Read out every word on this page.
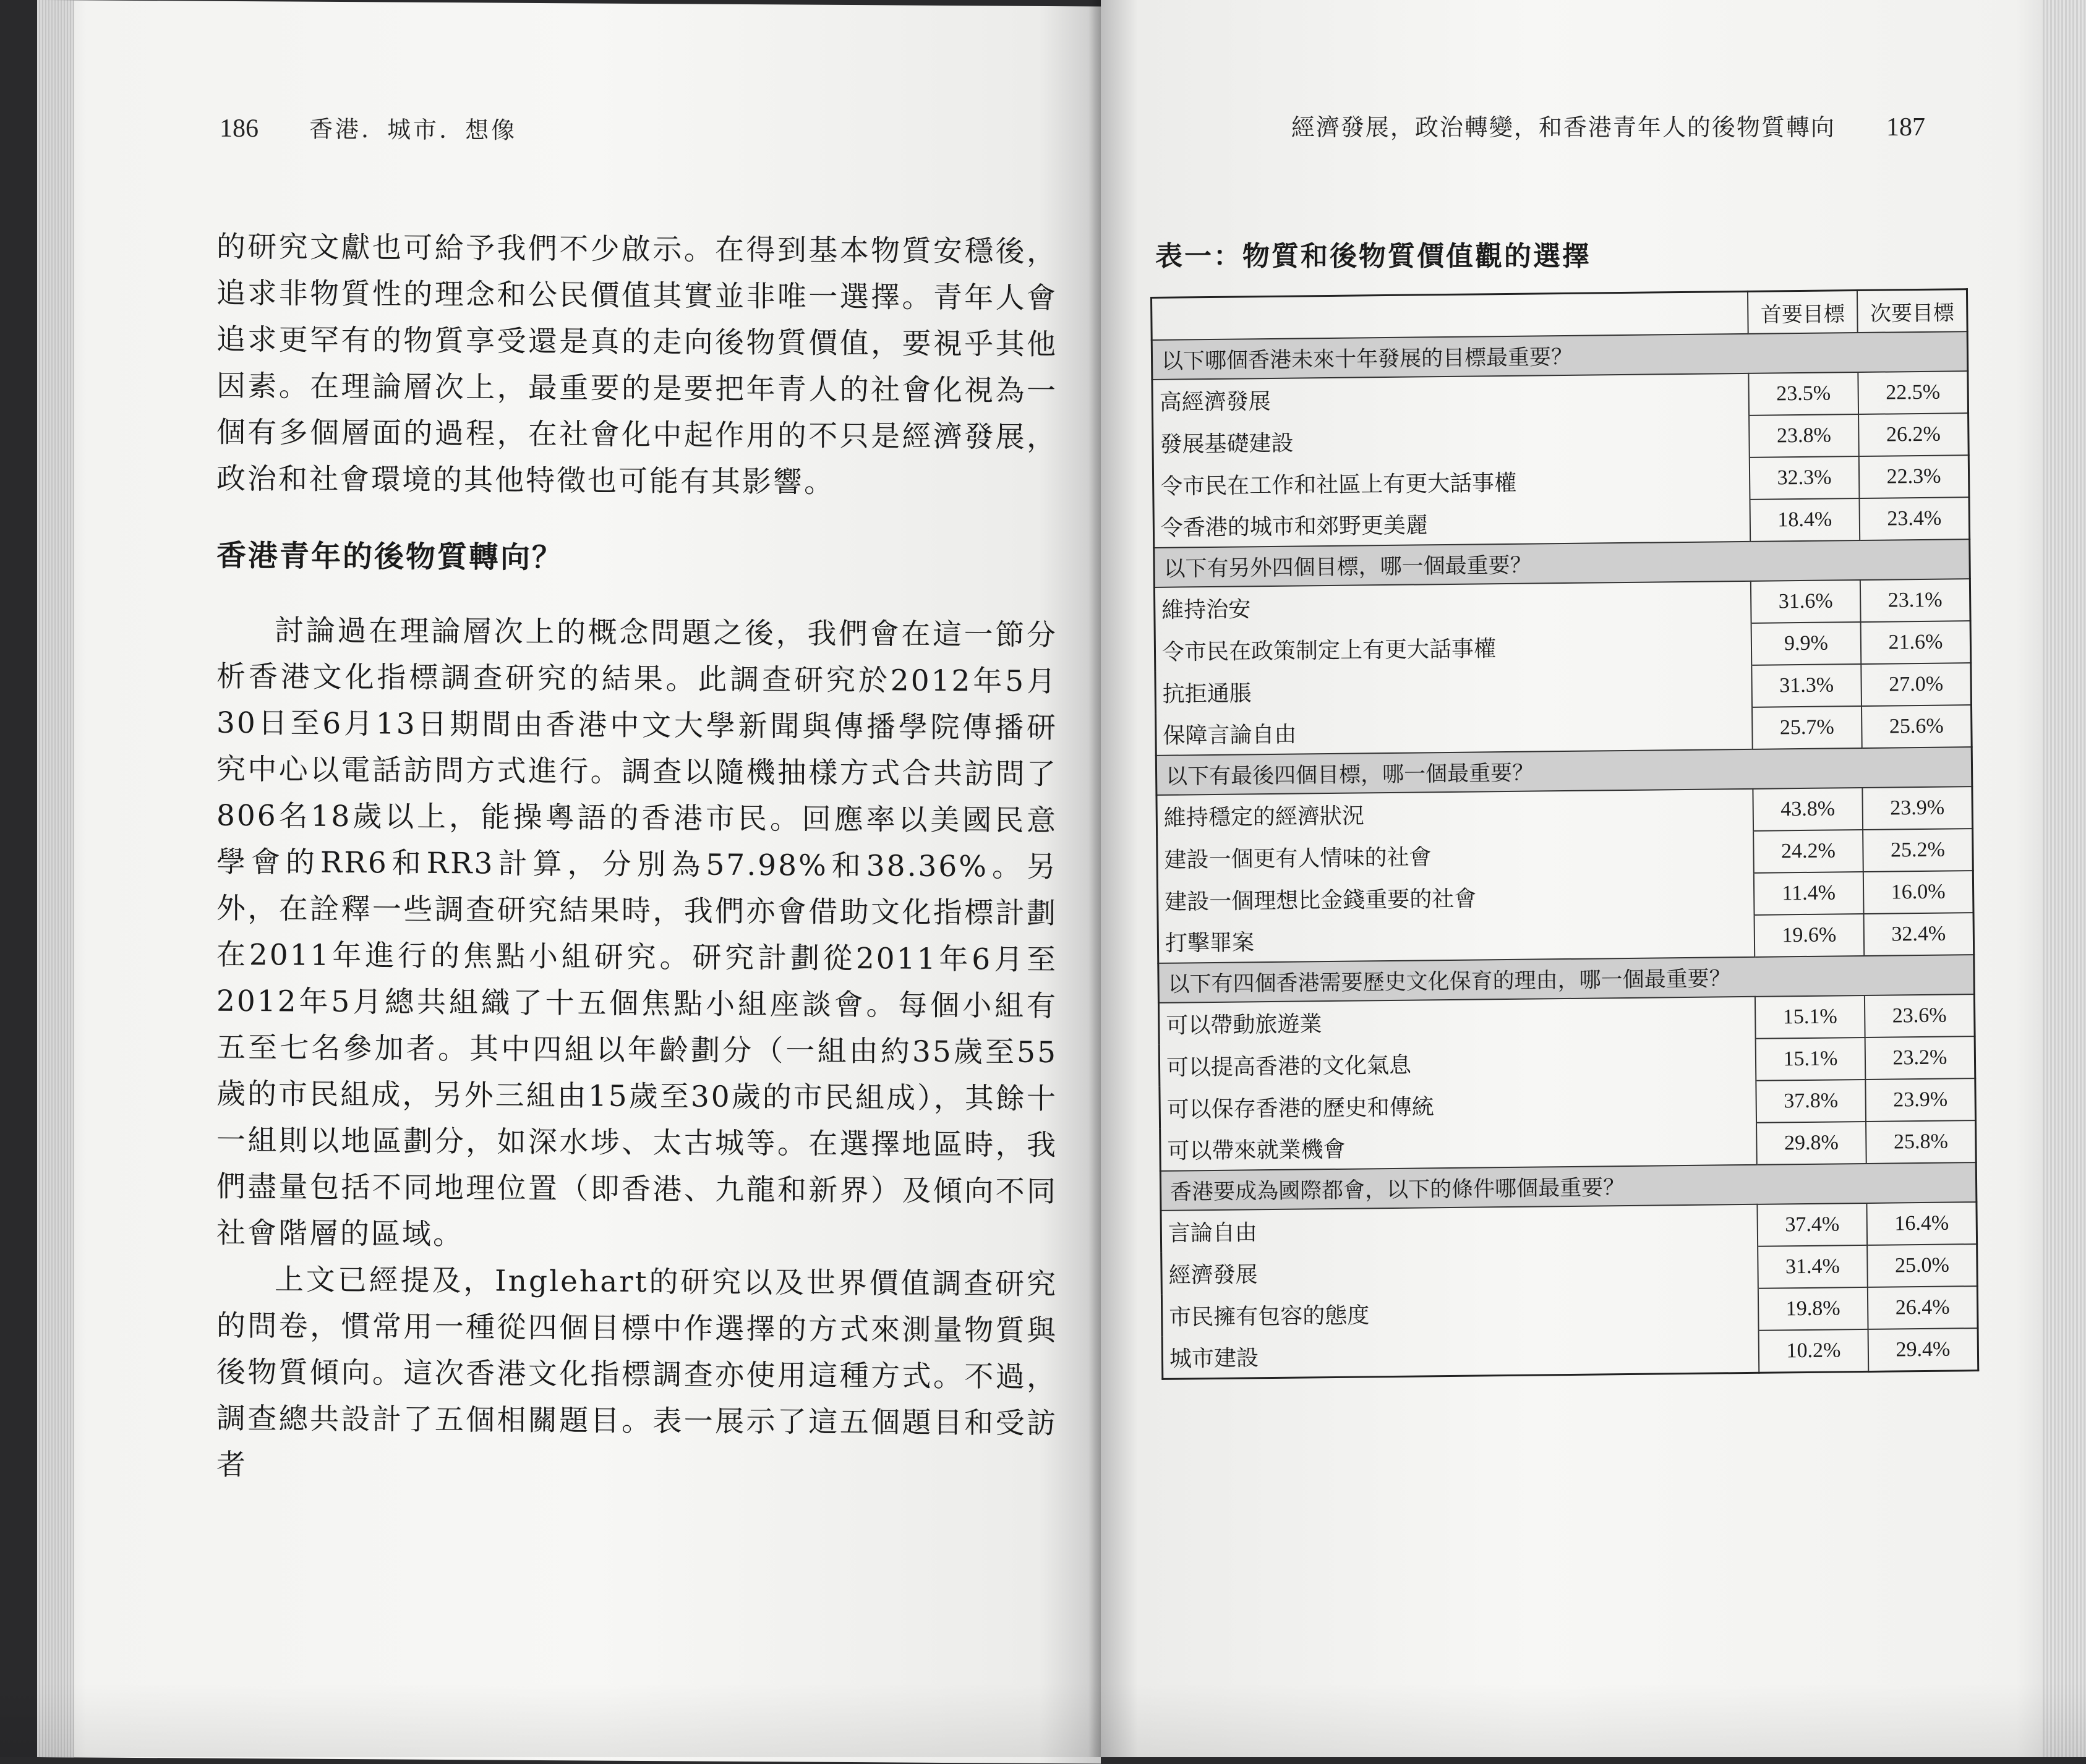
186 香港．城市．想像

的研究文獻也可給予我們不少啟示。在得到基本物質安穩後，追求非物質性的理念和公民價值其實並非唯一選擇。青年人會追求更罕有的物質享受還是真的走向後物質價值，要視乎其他因素。在理論層次上，最重要的是要把年青人的社會化視為一個有多個層面的過程，在社會化中起作用的不只是經濟發展，政治和社會環境的其他特徵也可能有其影響。

香港青年的後物質轉向？

討論過在理論層次上的概念問題之後，我們會在這一節分析香港文化指標調查研究的結果。此調查研究於2012年5月30日至6月13日期間由香港中文大學新聞與傳播學院傳播研究中心以電話訪問方式進行。調查以隨機抽樣方式合共訪問了806名18歲以上，能操粵語的香港市民。回應率以美國民意學會的RR6和RR3計算，分別為57.98%和38.36%。另外，在詮釋一些調查研究結果時，我們亦會借助文化指標計劃在2011年進行的焦點小組研究。研究計劃從2011年6月至2012年5月總共組織了十五個焦點小組座談會。每個小組有五至七名參加者。其中四組以年齡劃分（一組由約35歲至55歲的市民組成，另外三組由15歲至30歲的市民組成），其餘十一組則以地區劃分，如深水埗、太古城等。在選擇地區時，我們盡量包括不同地理位置（即香港、九龍和新界）及傾向不同社會階層的區域。

上文已經提及，Inglehart的研究以及世界價值調查研究的問卷，慣常用一種從四個目標中作選擇的方式來測量物質與後物質傾向。這次香港文化指標調查亦使用這種方式。不過，調查總共設計了五個相關題目。表一展示了這五個題目和受訪者

經濟發展，政治轉變，和香港青年人的後物質轉向 187
表一：物質和後物質價值觀的選擇
	首要目標	次要目標
以下哪個香港未來十年發展的目標最重要？		
高經濟發展	23.5%	22.5%
發展基礎建設	23.8%	26.2%
令市民在工作和社區上有更大話事權	32.3%	22.3%
令香港的城市和郊野更美麗	18.4%	23.4%
以下有另外四個目標，哪一個最重要？		
維持治安	31.6%	23.1%
令市民在政策制定上有更大話事權	9.9%	21.6%
抗拒通脹	31.3%	27.0%
保障言論自由	25.7%	25.6%
以下有最後四個目標，哪一個最重要？		
維持穩定的經濟狀況	43.8%	23.9%
建設一個更有人情味的社會	24.2%	25.2%
建設一個理想比金錢重要的社會	11.4%	16.0%
打擊罪案	19.6%	32.4%
以下有四個香港需要歷史文化保育的理由，哪一個最重要？		
可以帶動旅遊業	15.1%	23.6%
可以提高香港的文化氣息	15.1%	23.2%
可以保存香港的歷史和傳統	37.8%	23.9%
可以帶來就業機會	29.8%	25.8%
香港要成為國際都會，以下的條件哪個最重要？		
言論自由	37.4%	16.4%
經濟發展	31.4%	25.0%
市民擁有包容的態度	19.8%	26.4%
城市建設	10.2%	29.4%
